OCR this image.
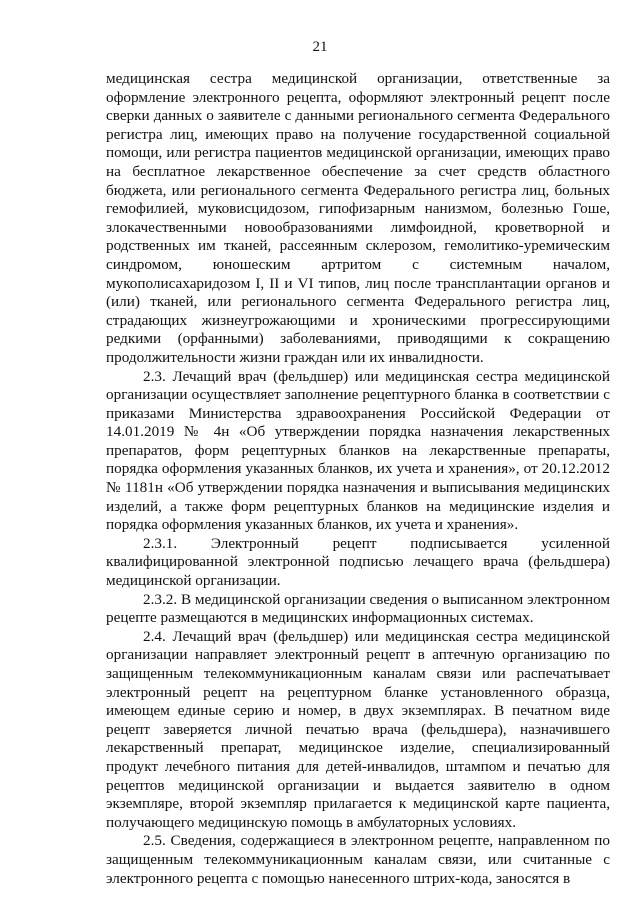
21

медицинская сестра медицинской организации, ответственные за оформление электронного рецепта, оформляют электронный рецепт после сверки данных о заявителе с данными регионального сегмента Федерального регистра лиц, имеющих право на получение государственной социальной помощи, или регистра пациентов медицинской организации, имеющих право на бесплатное лекарственное обеспечение за счет средств областного бюджета, или регионального сегмента Федерального регистра лиц, больных гемофилией, муковисцидозом, гипофизарным нанизмом, болезнью Гоше, злокачественными новообразованиями лимфоидной, кроветворной и родственных им тканей, рассеянным склерозом, гемолитико-уремическим синдромом, юношеским артритом с системным началом, мукополисахаридозом I, II и VI типов, лиц после трансплантации органов и (или) тканей, или регионального сегмента Федерального регистра лиц, страдающих жизнеугрожающими и хроническими прогрессирующими редкими (орфанными) заболеваниями, приводящими к сокращению продолжительности жизни граждан или их инвалидности.

2.3. Лечащий врач (фельдшер) или медицинская сестра медицинской организации осуществляет заполнение рецептурного бланка в соответствии с приказами Министерства здравоохранения Российской Федерации от 14.01.2019 № 4н «Об утверждении порядка назначения лекарственных препаратов, форм рецептурных бланков на лекарственные препараты, порядка оформления указанных бланков, их учета и хранения», от 20.12.2012 № 1181н «Об утверждении порядка назначения и выписывания медицинских изделий, а также форм рецептурных бланков на медицинские изделия и порядка оформления указанных бланков, их учета и хранения».

2.3.1. Электронный рецепт подписывается усиленной квалифицированной электронной подписью лечащего врача (фельдшера) медицинской организации.

2.3.2. В медицинской организации сведения о выписанном электронном рецепте размещаются в медицинских информационных системах.

2.4. Лечащий врач (фельдшер) или медицинская сестра медицинской организации направляет электронный рецепт в аптечную организацию по защищенным телекоммуникационным каналам связи или распечатывает электронный рецепт на рецептурном бланке установленного образца, имеющем единые серию и номер, в двух экземплярах. В печатном виде рецепт заверяется личной печатью врача (фельдшера), назначившего лекарственный препарат, медицинское изделие, специализированный продукт лечебного питания для детей-инвалидов, штампом и печатью для рецептов медицинской организации и выдается заявителю в одном экземпляре, второй экземпляр прилагается к медицинской карте пациента, получающего медицинскую помощь в амбулаторных условиях.

2.5. Сведения, содержащиеся в электронном рецепте, направленном по защищенным телекоммуникационным каналам связи, или считанные с электронного рецепта с помощью нанесенного штрих-кода, заносятся в
